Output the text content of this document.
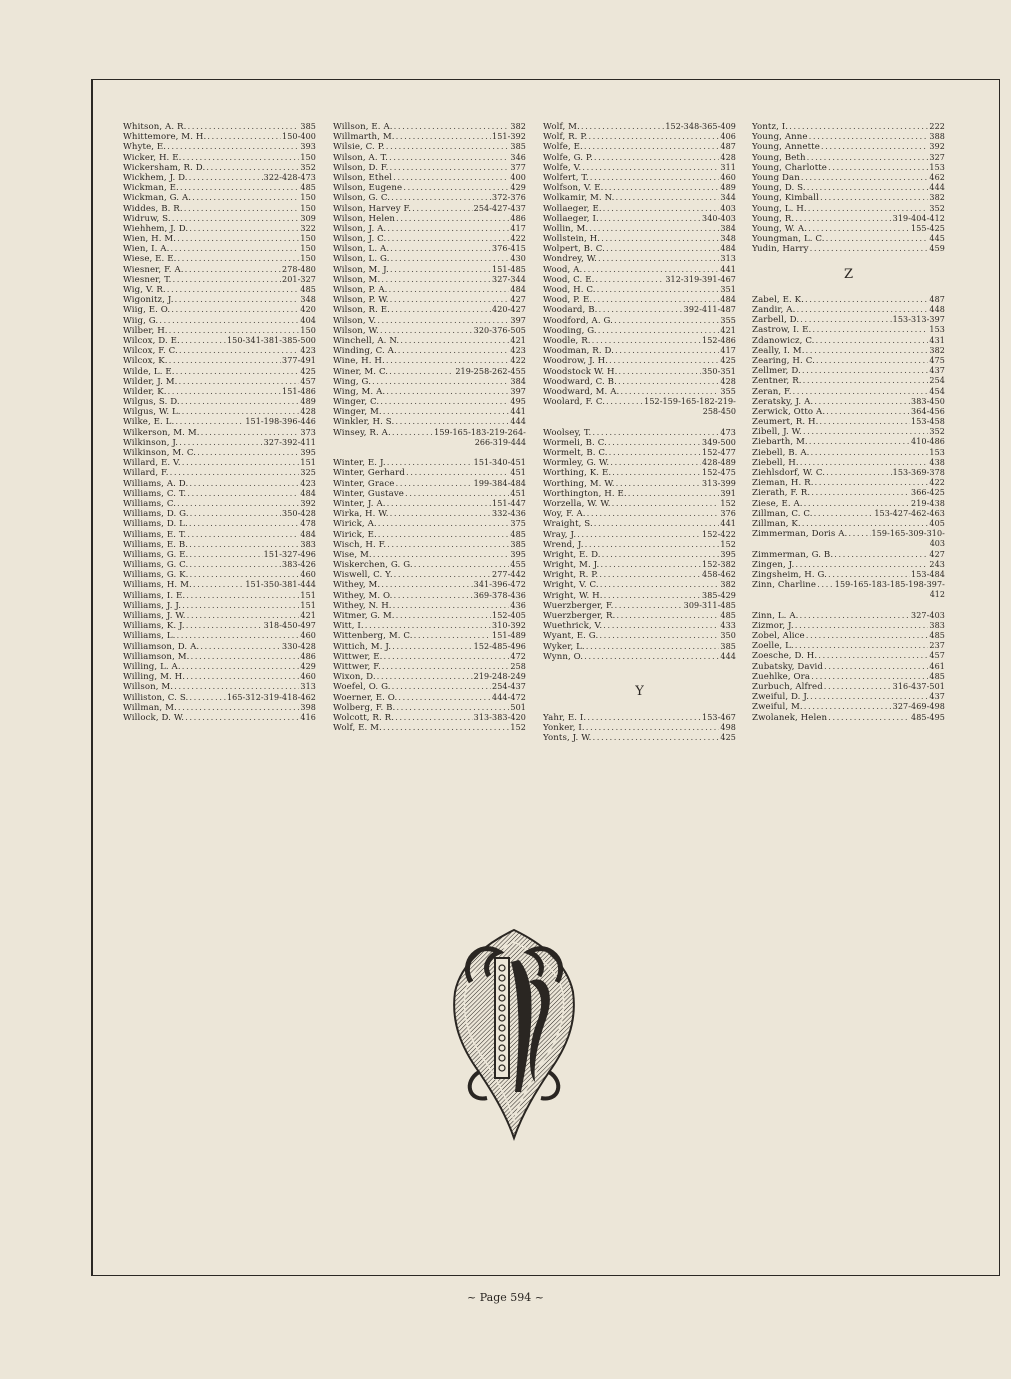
Whitson, A. R. . . .	385
Whittemore, M. H. . . .	150-400
Whyte, E. . . .	393
Wicker, H. E. . . .	150
Wickersham, R. D. . . .	352
Wickhem, J. D. . . .	322-428-473
Wickman, E. . . .	485
Wickman, G. A. . . .	150
Widdes, B. R. . . .	150
Widruw, S. . . .	309
Wiehhem, J. D. . . .	322
Wien, H. M. . . .	150
Wien, I. A. . . .	150
Wiese, E. E. . . .	150
Wiesner, F. A. . . .	278-480
Wiesner, T. . . .	201-327
Wig, V. R. . . .	485
Wigonitz, J. . . .	348
Wiig, E. O. . . .	420
Wiig, G. . . .	404
Wilber, H. . . .	150
Wilcox, D. E. . . .	150-341-381-385-500
Wilcox, F. C. . . .	423
Wilcox, K. . . .	377-491
Wilde, L. E. . . .	425
Wilder, J. M. . . .	457
Wilder, K. . . .	151-486
Wilgus, S. D. . . .	489
Wilgus, W. L. . . .	428
Wilke, E. L. . . .	151-198-396-446
Wilkerson, M. M. . . .	373
Wilkinson, J. . . .	327-392-411
Wilkinson, M. C. . . .	395
Willard, E. V. . . .	151
Willard, F. . . .	325
Williams, A. D. . . .	423
Williams, C. T. . . .	484
Williams, C. . . .	392
Williams, D. G. . . .	350-428
Williams, D. L. . . .	478
Williams, E. T. . . .	484
Williams, E. B. . . .	383
Williams, G. E. . . .	151-327-496
Williams, G. C. . . .	383-426
Williams, G. K. . . .	460
Williams, H. M. . . .	151-350-381-444
Williams, I. E. . . .	151
Williams, J. J. . . .	151
Williams, J. W. . . .	421
Williams, K. J. . . .	318-450-497
Williams, L. . . .	460
Williamson, D. A. . . .	330-428
Williamson, M. . . .	486
Willing, L. A. . . .	429
Willing, M. H. . . .	460
Willson, M. . . .	313
Williston, C. S. . . .	165-312-319-418-462
Willman, M. . . .	398
Willock, D. W. . . .	416
Willson, E. A. . . .	382
Willmarth, M. . . .	151-392
Wilsie, C. P. . . .	385
Wilson, A. T. . . .	346
Wilson, D. F. . . .	377
Wilson, Ethel . . .	400
Wilson, Eugene . . .	429
Wilson, G. C. . . .	372-376
Wilson, Harvey F. . . .	254-427-437
Wilson, Helen . . .	486
Wilson, J. A. . . .	417
Wilson, J. C. . . .	422
Wilson, L. A. . . .	376-415
Wilson, L. G. . . .	430
Wilson, M. J. . . .	151-485
Wilson, M. . . .	327-344
Wilson, P. A. . . .	484
Wilson, P. W. . . .	427
Wilson, R. E. . . .	420-427
Wilson, V. . . .	397
Wilson, W. . . .	320-376-505
Winchell, A. N. . . .	421
Winding, C. A. . . .	423
Wine, H. H. . . .	422
Winer, M. C. . . .	219-258-262-455
Wing, G. . . .	384
Wing, M. A. . . .	397
Winger, C. . . .	495
Winger, M. . . .	441
Winkler, H. S. . . .	444
Winsey, R. A. . . .	159-165-183-219-264-
266-319-444
Winter, E. J. . . .	151-340-451
Winter, Gerhard . . .	451
Winter, Grace . . .	199-384-484
Winter, Gustave . . .	451
Winter, J. A. . . .	151-447
Wirka, H. W. . . .	332-436
Wirick, A. . . .	375
Wirick, E. . . .	485
Wisch, H. F. . . .	385
Wise, M. . . .	395
Wiskerchen, G. G. . . .	455
Wiswell, C. Y. . . .	277-442
Withey, M. . . .	341-396-472
Withey, M. O. . . .	369-378-436
Withey, N. H. . . .	436
Witmer, G. M. . . .	152-405
Witt, I. . . .	310-392
Wittenberg, M. C. . . .	151-489
Wittich, M. J. . . .	152-485-496
Wittwer, E. . . .	472
Wittwer, F. . . .	258
Wixon, D. . . .	219-248-249
Woefel, O. G. . . .	254-437
Woerner, E. O. . . .	444-472
Wolberg, F. B. . . .	501
Wolcott, R. R. . . .	313-383-420
Wolf, E. M. . . .	152
Wolf, M. . . .	152-348-365-409
Wolf, R. P. . . .	406
Wolfe, E. . . .	487
Wolfe, G. P. . . .	428
Wolfe, V. . . .	311
Wolfert, T. . . .	460
Wolfson, V. E. . . .	489
Wolkamir, M. N. . . .	344
Wollaeger, E. . . .	403
Wollaeger, I. . . .	340-403
Wollin, M. . . .	384
Wollstein, H. . . .	348
Wolpert, B. C. . . .	484
Wondrey, W. . . .	313
Wood, A. . . .	441
Wood, C. E. . . .	312-319-391-467
Wood, H. C. . . .	351
Wood, P. E. . . .	484
Woodard, B. . . .	392-411-487
Woodford, A. G. . . .	355
Wooding, G. . . .	421
Woodle, R. . . .	152-486
Woodman, R. D. . . .	417
Woodrow, J. H. . . .	425
Woodstock W. H. . . .	350-351
Woodward, C. B. . . .	428
Woodward, M. A. . . .	355
Woolard, F. C. . . .	152-159-165-182-219-
258-450
Woolsey, T. . . .	473
Wormeli, B. C. . . .	349-500
Wormelt, B. C. . . .	152-477
Wormley, G. W. . . .	428-489
Worthing, K. E. . . .	152-475
Worthing, M. W. . . .	313-399
Worthington, H. E. . . .	391
Worzella, W. W. . . .	152
Woy, F. A. . . .	376
Wraight, S. . . .	441
Wray, J. . . .	152-422
Wrend, J. . . .	152
Wright, E. D. . . .	395
Wright, M. J. . . .	152-382
Wright, R. P. . . .	458-462
Wright, V. C. . . .	382
Wright, W. H. . . .	385-429
Wuerzberger, F. . . .	309-311-485
Wuerzberger, R. . . .	485
Wuethrick, V. . . .	433
Wyant, E. G. . . .	350
Wyker, L. . . .	385
Wynn, O. . . .	444
Y
Yahr, E. I. . . .	153-467
Yonker, I. . . .	498
Yonts, J. W. . . .	425
Yontz, I. . . .	222
Young, Anne . . .	388
Young, Annette . . .	392
Young, Beth . . .	327
Young, Charlotte . . .	153
Young Dan . . .	462
Young, D. S. . . .	444
Young, Kimball . . .	382
Young, L. H. . . .	352
Young, R. . . .	319-404-412
Young, W. A. . . .	155-425
Youngman, L. C. . . .	445
Yudin, Harry . . .	459
Z
Zabel, E. K. . . .	487
Zandir, A. . . .	448
Zarbell, D. . . .	153-313-397
Zastrow, I. E. . . .	153
Zdanowicz, C. . . .	431
Zeally, I. M. . . .	382
Zearing, H. C. . . .	475
Zellmer, D. . . .	437
Zentner, R. . . .	254
Zeran, F. . . .	454
Zeratsky, J. A. . . .	383-450
Zerwick, Otto A. . . .	364-456
Zeumert, R. H. . . .	153-458
Zibell, J. W. . . .	352
Ziebarth, M. . . .	410-486
Ziebell, B. A. . . .	153
Ziebell, H. . . .	438
Ziehlsdorf, W. C. . . .	153-369-378
Zieman, H. R. . . .	422
Zierath, F. R. . . .	366-425
Ziese, E. A. . . .	219-438
Zillman, C. C. . . .	153-427-462-463
Zillman, K. . . .	405
Zimmerman, Doris A. . . .	159-165-309-310-
403
Zimmerman, G. B. . . .	427
Zingen, J. . . .	243
Zingsheim, H. G. . . .	153-484
Zinn, Charline . . . 159-165-183-185-198-397-
412
Zinn, L. A. . . .	327-403
Zizmor, J. . . .	383
Zobel, Alice . . .	485
Zoelle, L. . . .	237
Zoesche, D. H. . . .	457
Zubatsky, David . . .	461
Zuehlke, Ora . . .	485
Zurbuch, Alfred . . .	316-437-501
Zweiful, D. J. . . .	437
Zweiful, M. . . .	327-469-498
Zwolanek, Helen . . .	485-495
~ Page 594 ~
